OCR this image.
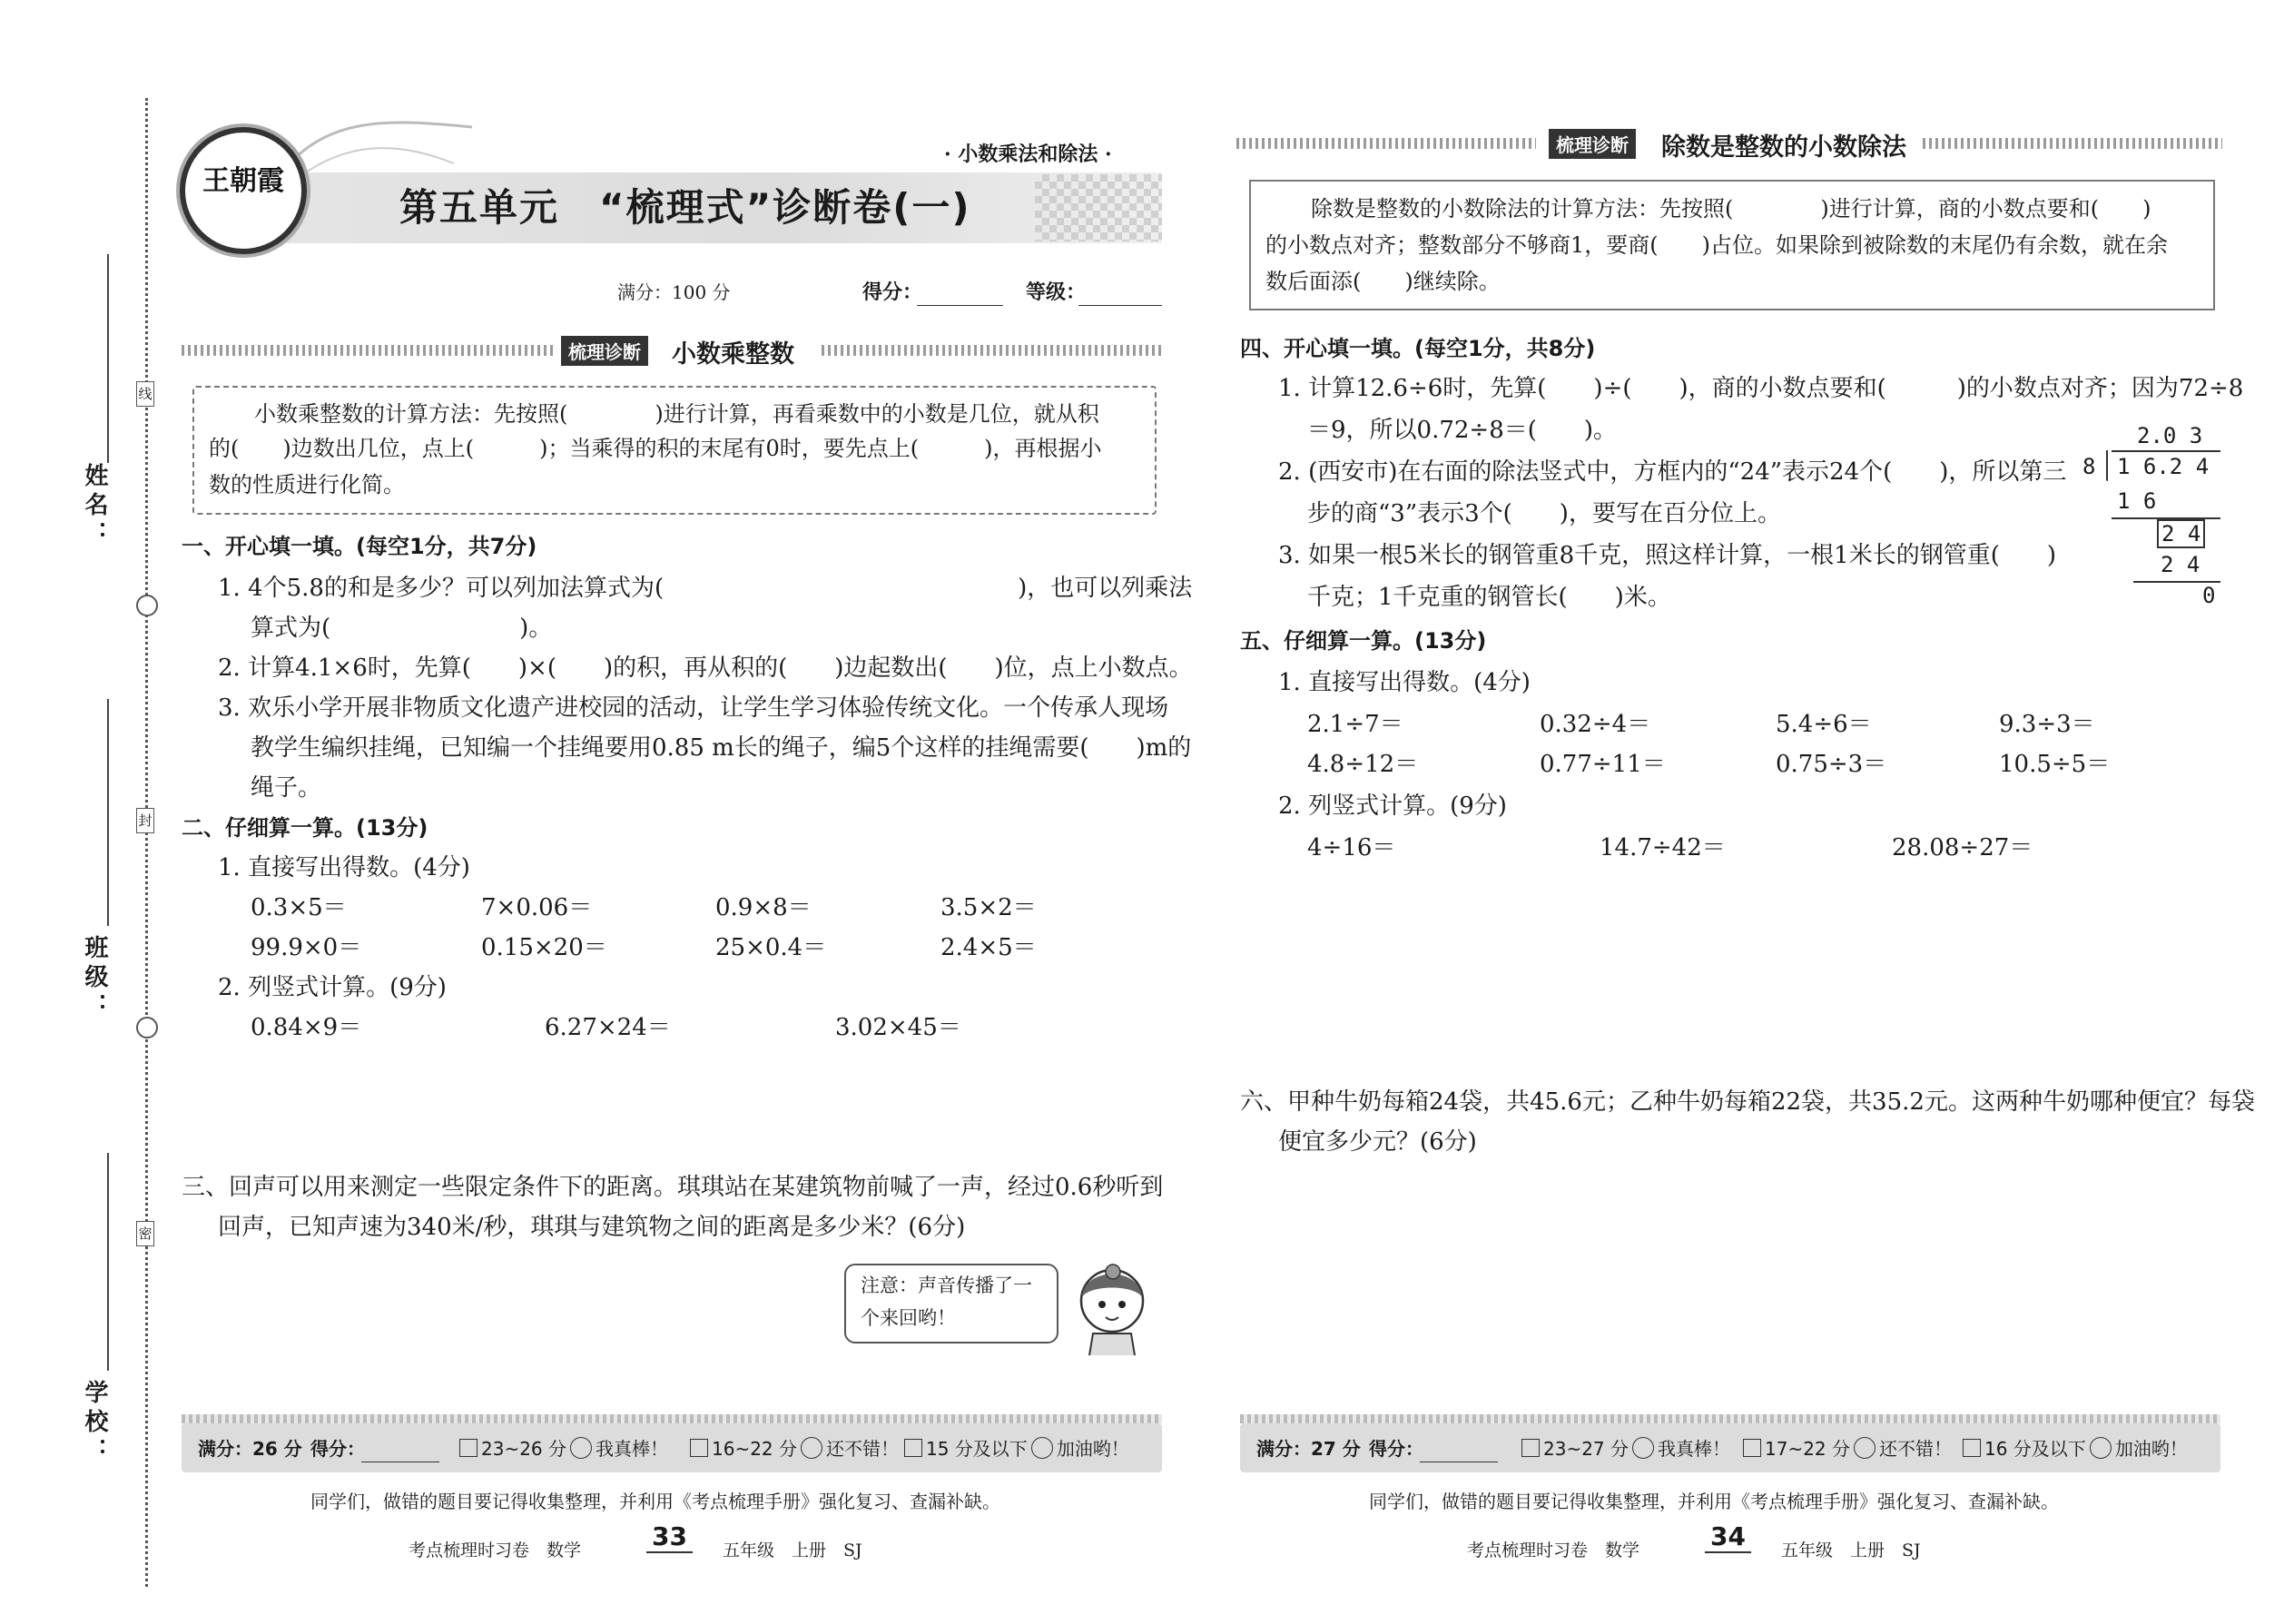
姓名：
班级：
学校：
线
封
密
· 小数乘法和除法 ·
王朝霞
第五单元　“梳理式”诊断卷(一)
满分：100 分	得分：	等级：
梳理诊断 小数乘整数
小数乘整数的计算方法：先按照(　　　　)进行计算，再看乘数中的小数是几位，就从积
的(　　)边数出几位，点上(　　　)；当乘得的积的末尾有0时，要先点上(　　　)，再根据小
数的性质进行化简。
一、开心填一填。(每空1分，共7分)
1. 4个5.8的和是多少？可以列加法算式为(　　　　　　　　　　　　　　　)，也可以列乘法
算式为(　　　　　　　　)。
2. 计算4.1×6时，先算(　　)×(　　)的积，再从积的(　　)边起数出(　　)位，点上小数点。
3. 欢乐小学开展非物质文化遗产进校园的活动，让学生学习体验传统文化。一个传承人现场
教学生编织挂绳，已知编一个挂绳要用0.85 m长的绳子，编5个这样的挂绳需要(　　)m的
绳子。
二、仔细算一算。(13分)
1. 直接写出得数。(4分)
0.3×5＝	7×0.06＝	0.9×8＝	3.5×2＝
99.9×0＝	0.15×20＝	25×0.4＝	2.4×5＝
2. 列竖式计算。(9分)
0.84×9＝	6.27×24＝	3.02×45＝
三、回声可以用来测定一些限定条件下的距离。琪琪站在某建筑物前喊了一声，经过0.6秒听到
回声，已知声速为340米/秒，琪琪与建筑物之间的距离是多少米？(6分)
注意：声音传播了一
个来回哟！
满分：26 分 得分：	23~26 分 我真棒！	16~22 分 还不错！	15 分及以下 加油哟！
同学们，做错的题目要记得收集整理，并利用《考点梳理手册》强化复习、查漏补缺。
考点梳理时习卷　数学	33	五年级　上册　SJ
梳理诊断 除数是整数的小数除法
除数是整数的小数除法的计算方法：先按照(　　　　)进行计算，商的小数点要和(　　)
的小数点对齐；整数部分不够商1，要商(　　)占位。如果除到被除数的末尾仍有余数，就在余
数后面添(　　)继续除。
四、开心填一填。(每空1分，共8分)
1. 计算12.6÷6时，先算(　　)÷(　　)，商的小数点要和(　　　)的小数点对齐；因为72÷8
＝9，所以0.72÷8＝(　　)。
2. (西安市)在右面的除法竖式中，方框内的“24”表示24个(　　)，所以第三
步的商“3”表示3个(　　)，要写在百分位上。
3. 如果一根5米长的钢管重8千克，照这样计算，一根1米长的钢管重(　　)
千克；1千克重的钢管长(　　)米。
2.0 3
8 1 6.2 4
1 6
2 4
2 4
0
五、仔细算一算。(13分)
1. 直接写出得数。(4分)
2.1÷7＝	0.32÷4＝	5.4÷6＝	9.3÷3＝
4.8÷12＝	0.77÷11＝	0.75÷3＝	10.5÷5＝
2. 列竖式计算。(9分)
4÷16＝	14.7÷42＝	28.08÷27＝
六、甲种牛奶每箱24袋，共45.6元；乙种牛奶每箱22袋，共35.2元。这两种牛奶哪种便宜？每袋
便宜多少元？(6分)
满分：27 分 得分：	23~27 分 我真棒！	17~22 分 还不错！	16 分及以下 加油哟！
同学们，做错的题目要记得收集整理，并利用《考点梳理手册》强化复习、查漏补缺。
考点梳理时习卷　数学	34	五年级　上册　SJ
